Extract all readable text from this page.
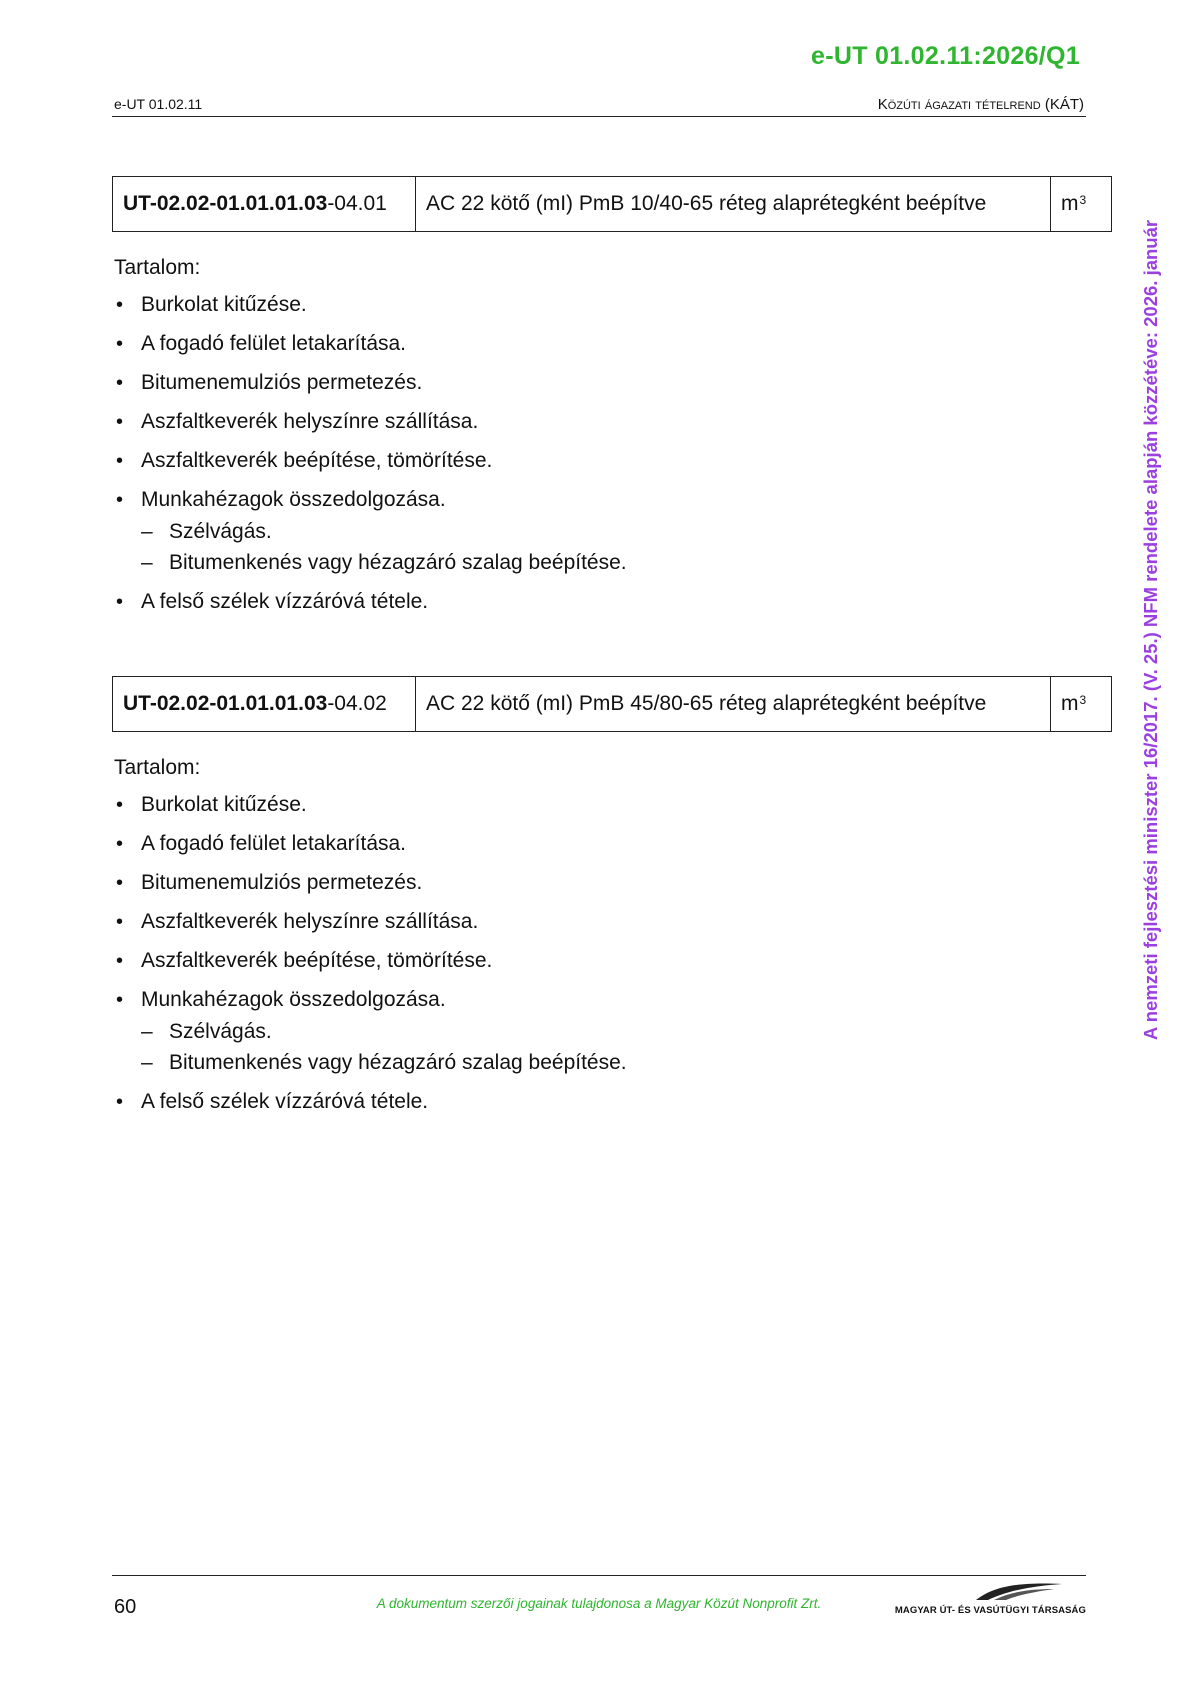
e-UT 01.02.11:2026/Q1
e-UT 01.02.11	Közúti ágazati tételrend (KÁT)
A nemzeti fejlesztési miniszter 16/2017. (V. 25.) NFM rendelete alapján közzétéve: 2026. január
UT-02.02-01.01.01.03 -04.01	AC 22 kötő (mI) PmB 10/40-65 réteg alaprétegként beépítve	$m^3$
Tartalom:
• Burkolat kitűzése.
• A fogadó felület letakarítása.
• Bitumenemulziós permetezés.
• Aszfaltkeverék helyszínre szállítása.
• Aszfaltkeverék beépítése, tömörítése.
• Munkahézagok összedolgozása.
– Szélvágás.
– Bitumenkenés vagy hézagzáró szalag beépítése.
• A felső szélek vízzáróvá tétele.
UT-02.02-01.01.01.03 -04.02	AC 22 kötő (mI) PmB 45/80-65 réteg alaprétegként beépítve	$m^3$
Tartalom:
• Burkolat kitűzése.
• A fogadó felület letakarítása.
• Bitumenemulziós permetezés.
• Aszfaltkeverék helyszínre szállítása.
• Aszfaltkeverék beépítése, tömörítése.
• Munkahézagok összedolgozása.
– Szélvágás.
– Bitumenkenés vagy hézagzáró szalag beépítése.
• A felső szélek vízzáróvá tétele.
60	A dokumentum szerzői jogainak tulajdonosa a Magyar Közút Nonprofit Zrt.	MAGYAR ÚT- ÉS VASÚTÜGYI TÁRSASÁG
